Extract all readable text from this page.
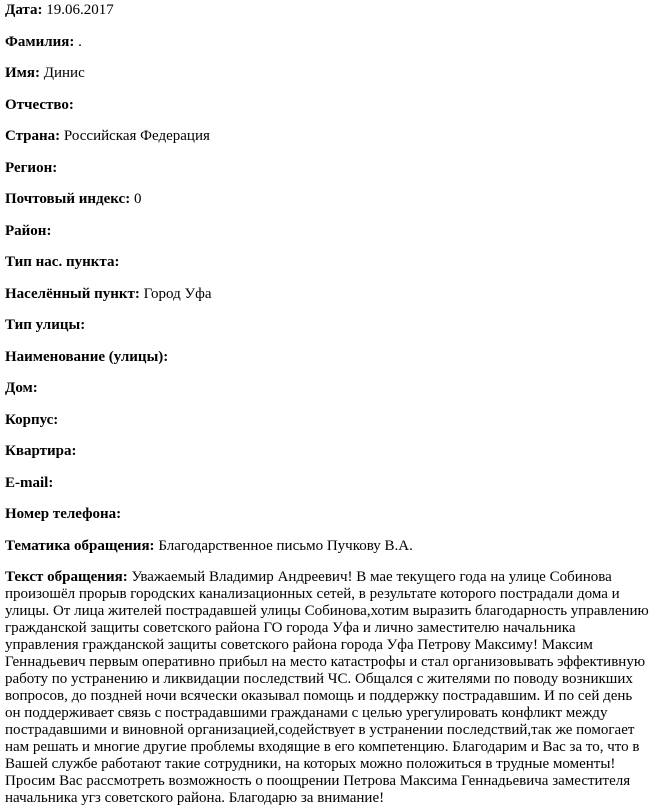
Дата: 19.06.2017

Фамилия: .

Имя: Динис

Отчество:

Страна: Российская Федерация

Регион:

Почтовый индекс: 0

Район:

Тип нас. пункта:

Населённый пункт: Город Уфа

Тип улицы:

Наименование (улицы):

Дом:

Корпус:

Квартира:

E-mail:

Номер телефона:

Тематика обращения: Благодарственное письмо Пучкову В.А.

Текст обращения: Уважаемый Владимир Андреевич! В мае текущего года на улице Собинова произошёл прорыв городских канализационных сетей, в результате которого пострадали дома и улицы. От лица жителей пострадавшей улицы Собинова,хотим выразить благодарность управлению гражданской защиты советского района ГО города Уфа и лично заместителю начальника управления гражданской защиты советского района города Уфа Петрову Максиму! Максим Геннадьевич первым оперативно прибыл на место катастрофы и стал организовывать эффективную работу по устранению и ликвидации последствий ЧС. Общался с жителями по поводу возникших вопросов, до поздней ночи всячески оказывал помощь и поддержку пострадавшим. И по сей день он поддерживает связь с пострадавшими гражданами с целью урегулировать конфликт между пострадавшими и виновной организацией,содействует в устранении последствий,так же помогает нам решать и многие другие проблемы входящие в его компетенцию. Благодарим и Вас за то, что в Вашей службе работают такие сотрудники, на которых можно положиться в трудные моменты! Просим Вас рассмотреть возможность о поощрении Петрова Максима Геннадьевича заместителя начальника угз советского района. Благодарю за внимание!
